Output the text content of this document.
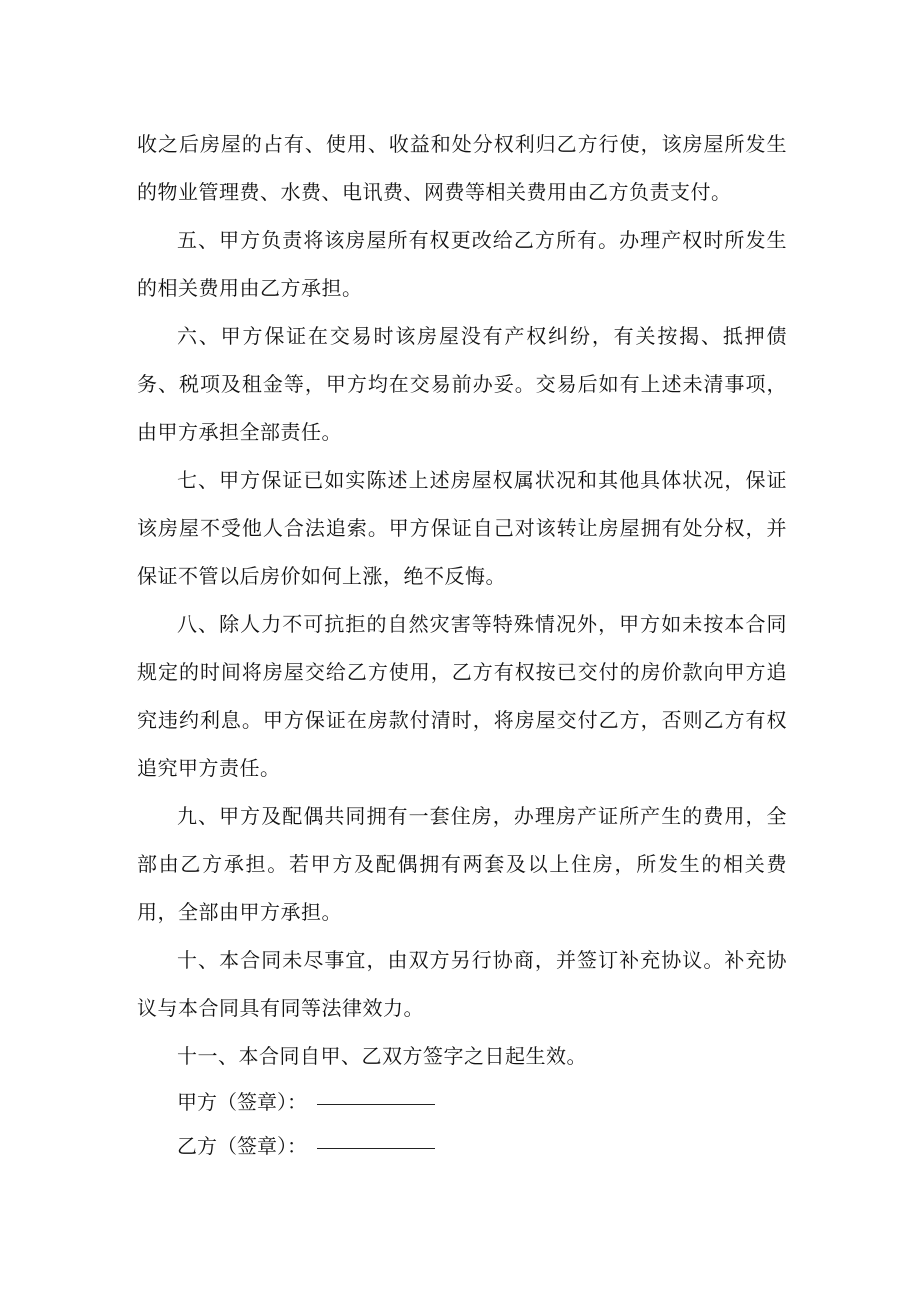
收之后房屋的占有、使用、收益和处分权利归乙方行使，该房屋所发生的物业管理费、水费、电讯费、网费等相关费用由乙方负责支付。

五、甲方负责将该房屋所有权更改给乙方所有。办理产权时所发生的相关费用由乙方承担。

六、甲方保证在交易时该房屋没有产权纠纷，有关按揭、抵押债务、税项及租金等，甲方均在交易前办妥。交易后如有上述未清事项，由甲方承担全部责任。

七、甲方保证已如实陈述上述房屋权属状况和其他具体状况，保证该房屋不受他人合法追索。甲方保证自己对该转让房屋拥有处分权，并保证不管以后房价如何上涨，绝不反悔。

八、除人力不可抗拒的自然灾害等特殊情况外，甲方如未按本合同规定的时间将房屋交给乙方使用，乙方有权按已交付的房价款向甲方追究违约利息。甲方保证在房款付清时，将房屋交付乙方，否则乙方有权追究甲方责任。

九、甲方及配偶共同拥有一套住房，办理房产证所产生的费用，全部由乙方承担。若甲方及配偶拥有两套及以上住房，所发生的相关费用，全部由甲方承担。

十、本合同未尽事宜，由双方另行协商，并签订补充协议。补充协议与本合同具有同等法律效力。

十一、本合同自甲、乙双方签字之日起生效。

甲方（签章）：
乙方（签章）：
